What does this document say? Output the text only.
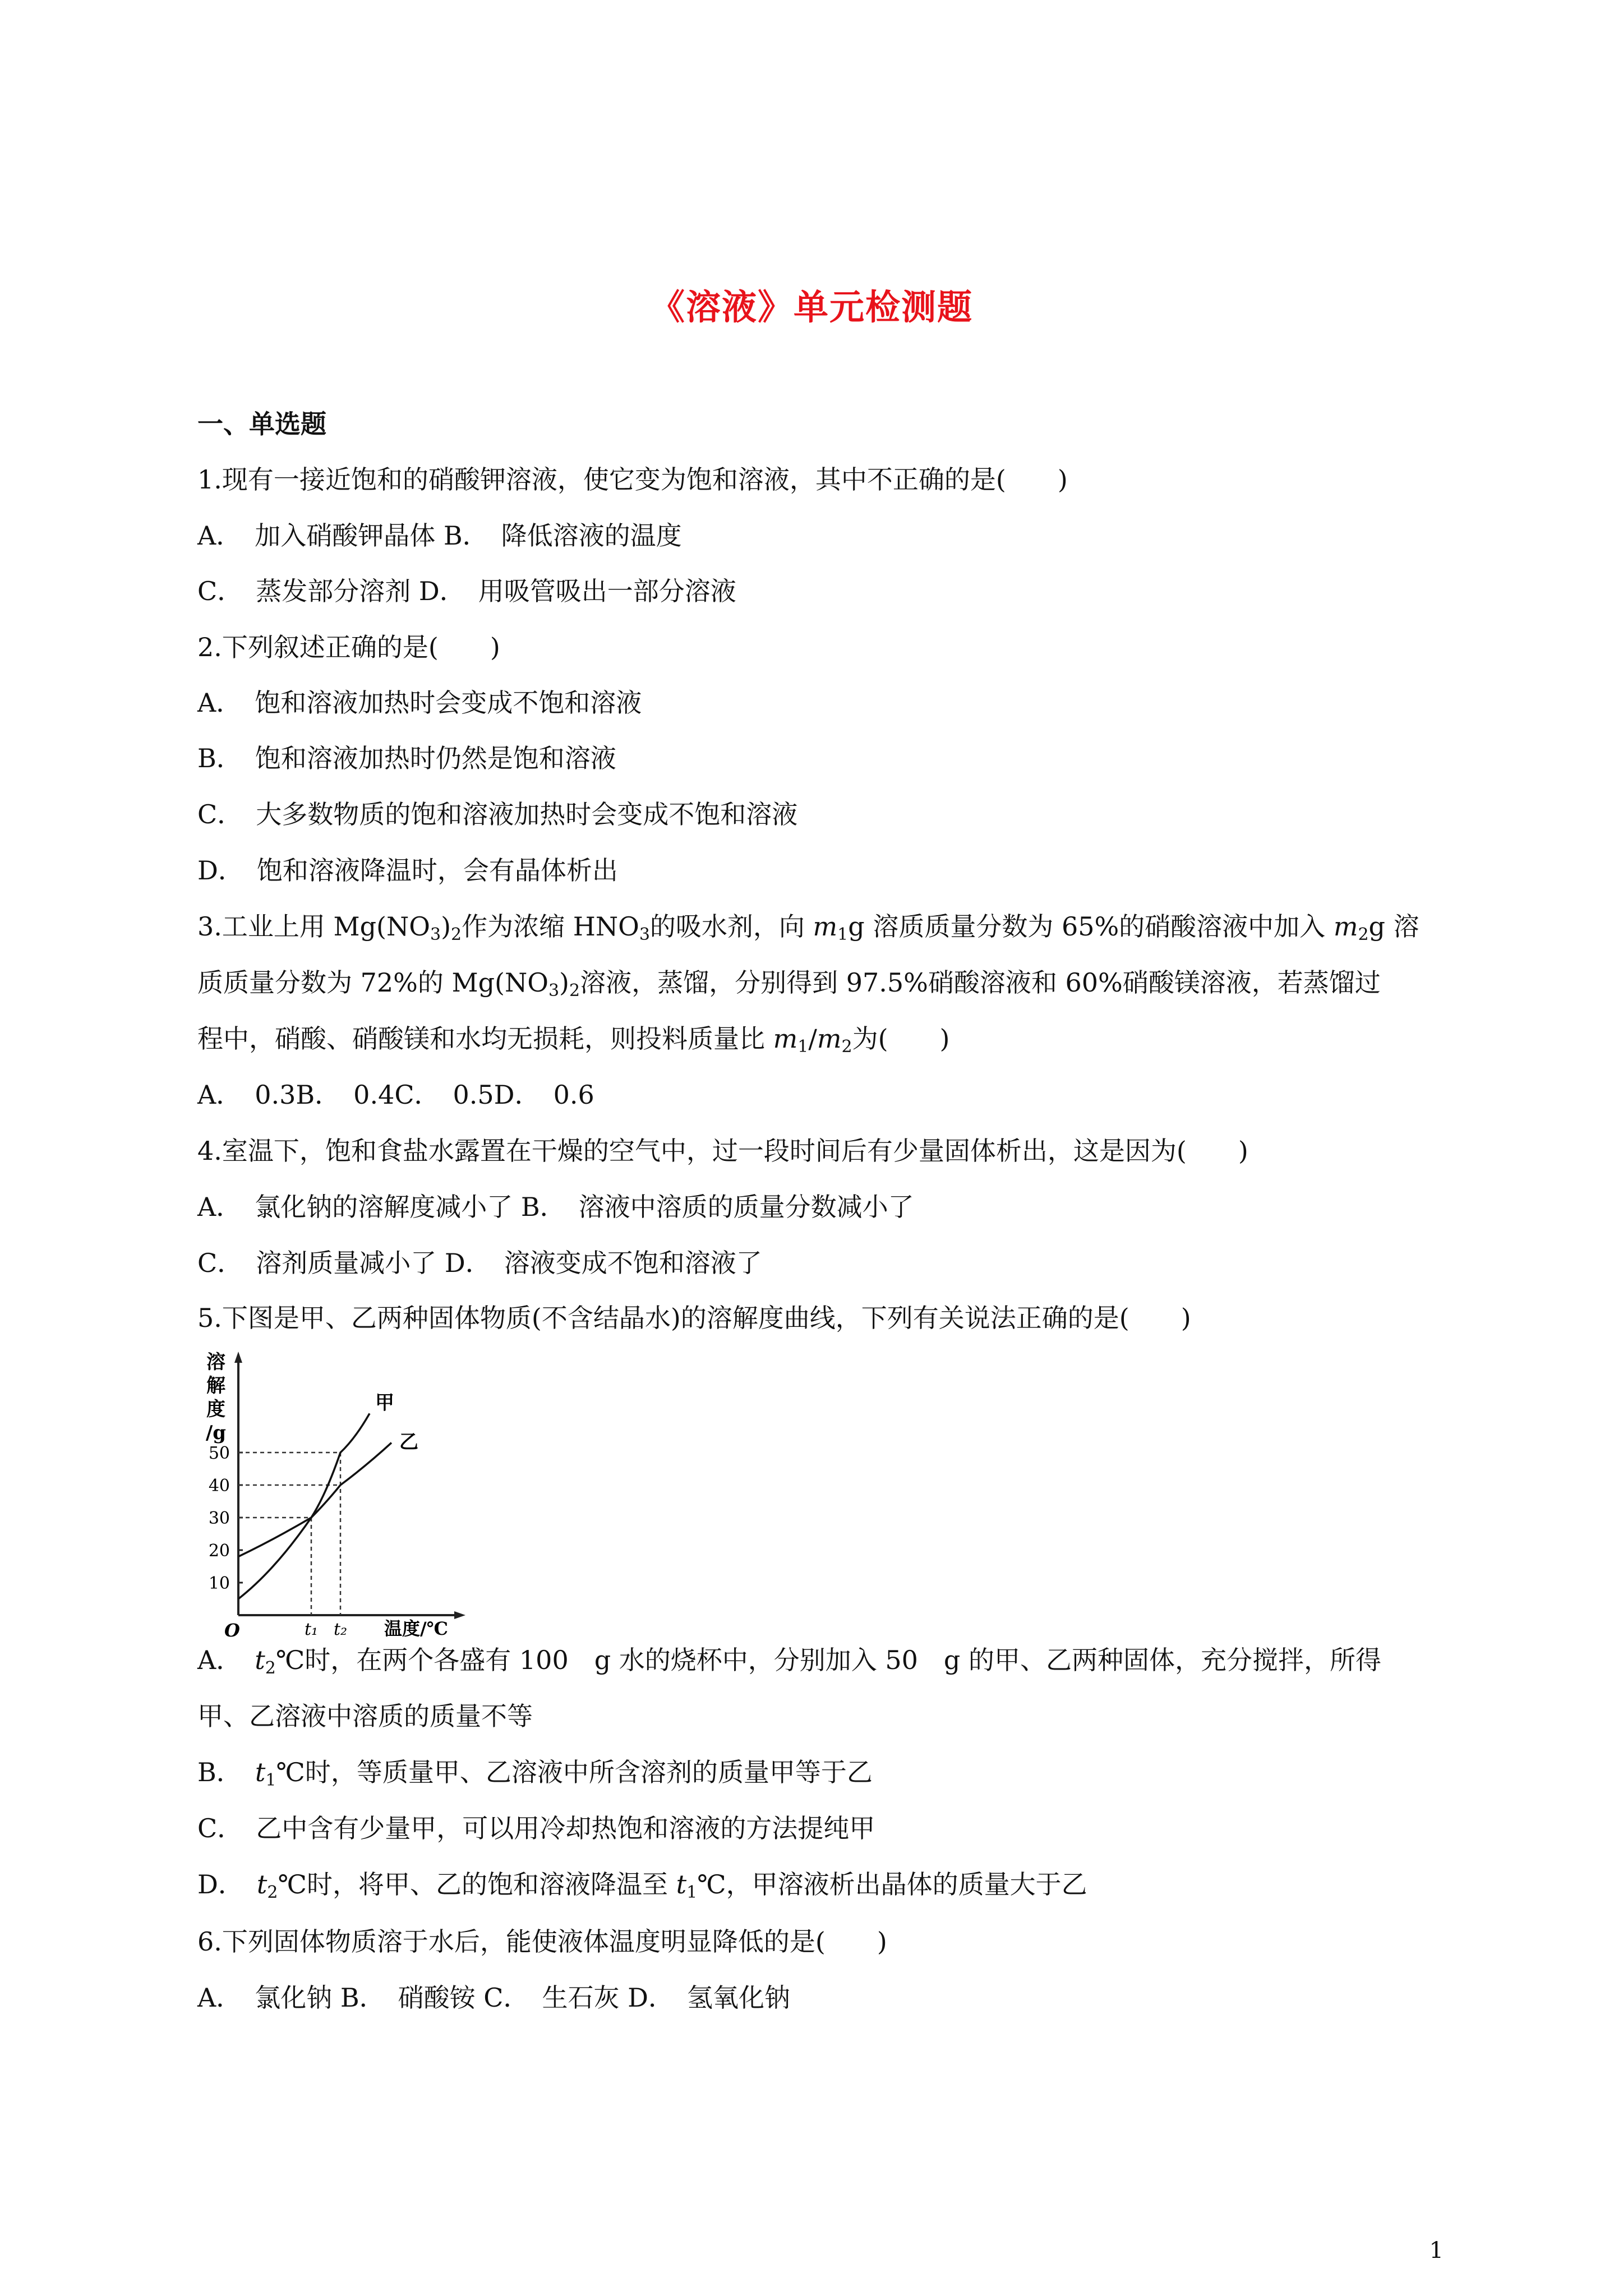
《溶液》单元检测题
一、单选题
1.现有一接近饱和的硝酸钾溶液，使它变为饱和溶液，其中不正确的是(　　)
A．　加入硝酸钾晶体 B．　降低溶液的温度
C．　蒸发部分溶剂 D．　用吸管吸出一部分溶液
2.下列叙述正确的是(　　)
A．　饱和溶液加热时会变成不饱和溶液
B．　饱和溶液加热时仍然是饱和溶液
C．　大多数物质的饱和溶液加热时会变成不饱和溶液
D．　饱和溶液降温时，会有晶体析出
3.工业上用 $Mg(NO_3)_2$作为浓缩 $HNO_3$的吸水剂，向 $m_1g$ 溶质质量分数为 65%的硝酸溶液中加入 $m_2g$ 溶
质质量分数为 72%的 $Mg(NO_3)_2$溶液，蒸馏，分别得到 97.5%硝酸溶液和 60%硝酸镁溶液，若蒸馏过
程中，硝酸、硝酸镁和水均无损耗，则投料质量比 $m_1/m_2$为(　　)
A．　0.3B．　0.4C．　0.5D．　0.6
4.室温下，饱和食盐水露置在干燥的空气中，过一段时间后有少量固体析出，这是因为(　　)
A．　氯化钠的溶解度减小了 B．　溶液中溶质的质量分数减小了
C．　溶剂质量减小了 D．　溶液变成不饱和溶液了
5.下图是甲、乙两种固体物质(不含结晶水)的溶解度曲线，下列有关说法正确的是(　　)
溶
解
度
/g
10
20
30
40
50
O	t₁ t₂ 温度/℃
甲
乙
A．　$t_2℃$时，在两个各盛有 100　g 水的烧杯中，分别加入 50　g 的甲、乙两种固体，充分搅拌，所得
甲、乙溶液中溶质的质量不等
B．　$t_1℃$时，等质量甲、乙溶液中所含溶剂的质量甲等于乙
C．　乙中含有少量甲，可以用冷却热饱和溶液的方法提纯甲
D．　$t_2℃$时，将甲、乙的饱和溶液降温至 $t_1℃$，甲溶液析出晶体的质量大于乙
6.下列固体物质溶于水后，能使液体温度明显降低的是(　　)
A．　氯化钠 B．　硝酸铵 C．　生石灰 D．　氢氧化钠
1
